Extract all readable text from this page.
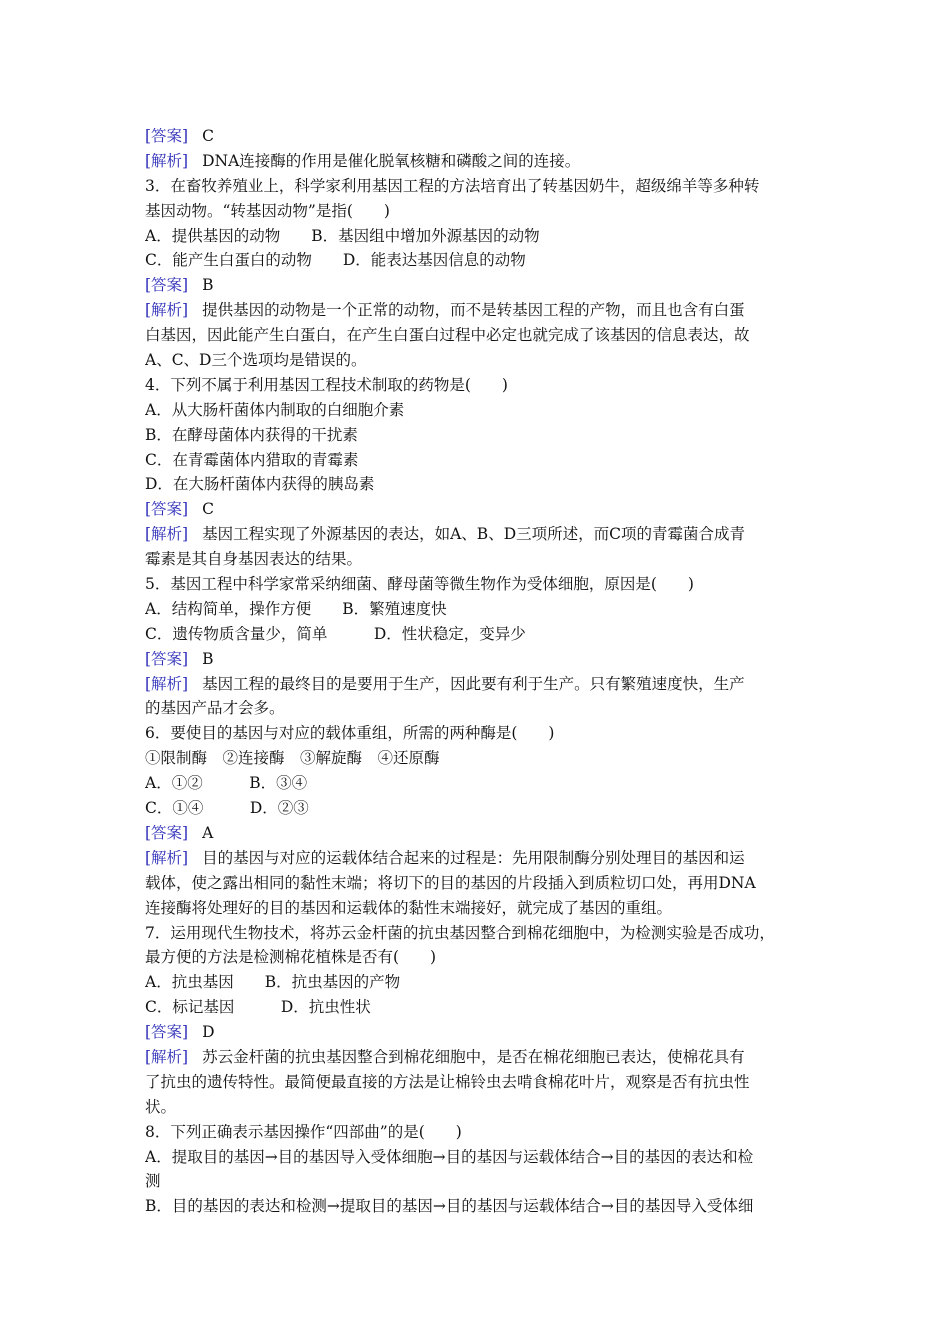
[答案] C
[解析] DNA连接酶的作用是催化脱氧核糖和磷酸之间的连接。
3．在畜牧养殖业上，科学家利用基因工程的方法培育出了转基因奶牛，超级绵羊等多种转
基因动物。“转基因动物”是指(　　)
A．提供基因的动物　　B．基因组中增加外源基因的动物
C．能产生白蛋白的动物　　D．能表达基因信息的动物
[答案] B
[解析] 提供基因的动物是一个正常的动物，而不是转基因工程的产物，而且也含有白蛋
白基因，因此能产生白蛋白，在产生白蛋白过程中必定也就完成了该基因的信息表达，故
A、C、D三个选项均是错误的。
4．下列不属于利用基因工程技术制取的药物是(　　)
A．从大肠杆菌体内制取的白细胞介素
B．在酵母菌体内获得的干扰素
C．在青霉菌体内猎取的青霉素
D．在大肠杆菌体内获得的胰岛素
[答案] C
[解析] 基因工程实现了外源基因的表达，如A、B、D三项所述，而C项的青霉菌合成青
霉素是其自身基因表达的结果。
5．基因工程中科学家常采纳细菌、酵母菌等微生物作为受体细胞，原因是(　　)
A．结构简单，操作方便　　B．繁殖速度快
C．遗传物质含量少，简单　　　D．性状稳定，变异少
[答案] B
[解析] 基因工程的最终目的是要用于生产，因此要有利于生产。只有繁殖速度快，生产
的基因产品才会多。
6．要使目的基因与对应的载体重组，所需的两种酶是(　　)
①限制酶　②连接酶　③解旋酶　④还原酶
A．①②　　　B．③④
C．①④　　　D．②③
[答案] A
[解析] 目的基因与对应的运载体结合起来的过程是：先用限制酶分别处理目的基因和运
载体，使之露出相同的黏性末端；将切下的目的基因的片段插入到质粒切口处，再用DNA
连接酶将处理好的目的基因和运载体的黏性末端接好，就完成了基因的重组。
7．运用现代生物技术，将苏云金杆菌的抗虫基因整合到棉花细胞中，为检测实验是否成功，
最方便的方法是检测棉花植株是否有(　　)
A．抗虫基因　　B．抗虫基因的产物
C．标记基因　　　D．抗虫性状
[答案] D
[解析] 苏云金杆菌的抗虫基因整合到棉花细胞中，是否在棉花细胞已表达，使棉花具有
了抗虫的遗传特性。最简便最直接的方法是让棉铃虫去啃食棉花叶片，观察是否有抗虫性
状。
8．下列正确表示基因操作“四部曲”的是(　　)
A．提取目的基因→目的基因导入受体细胞→目的基因与运载体结合→目的基因的表达和检
测
B．目的基因的表达和检测→提取目的基因→目的基因与运载体结合→目的基因导入受体细
